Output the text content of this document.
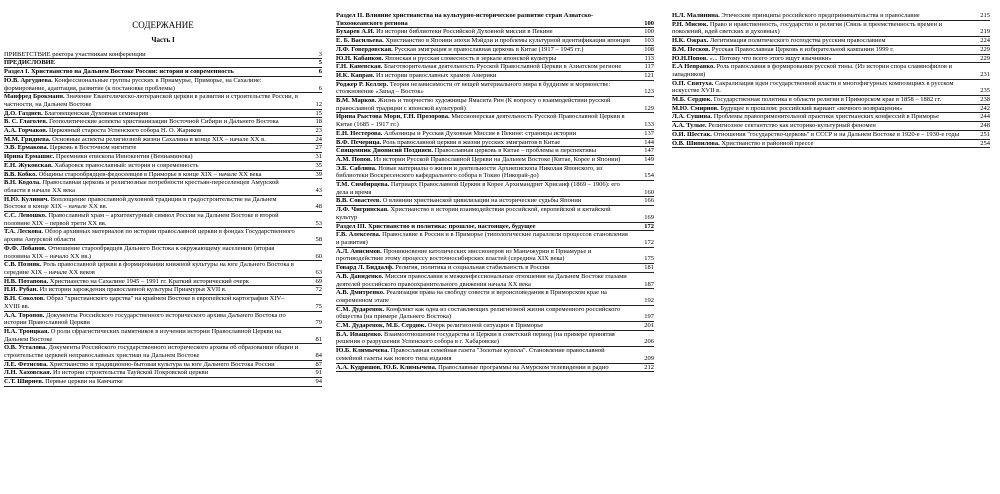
СОДЕРЖАНИЕ
Часть I
ПРИВЕТСТВИЕ ректора участникам конференции	3
ПРЕДИСЛОВИЕ	5
Раздел I. Христианство на Дальнем Востоке России: история и современность	6
Ю.В. Аргудяева. Конфессиональные группы русских в Приамурье, Приморье, на Сахалине: формирование, адаптация, развитие (к постановке проблемы)	6
Манфред Брокманн. Значение Евангелическо-лютеранской церкви в развитии и строительстве России, в частности, на Дальнем Востоке	12
Д.О. Газдиев. Благовещенская Духовная семинария	15
В. С. Глаголев. Геополитические аспекты христианизации Восточной Сибири и Дальнего Востока	18
А.А. Горчаков. Церковный староста Успенского собора Н. О. Жариков	23
М.М. Гриднева. Основные аспекты религиозной жизни Сахалина в конце XIX – начале XX в.	24
Э.В. Ермакова. Церковь в Восточном нигитите	27
Ирина Ермашис. Преемники епископа Иннокентия (Вениаминова)	31
Е.Н. Жуковская. Хабаровск православный: история и современность	35
В.В. Кобко. Общины старообрядцев-федосеевцев в Приморье в конце XIX – начале XX века	39
В.Н. Кодола. Православная церковь и религиозные потребности крестьян-переселенцев Амурской области в начале XX века	43
Н.Ю. Кулинич. Воплощение православной духовной традиции в градостроительстве на Дальнем Востоке в конце XIX – начале XX вв.	48
С.С. Левошко. Православный храм – архитектурный символ России на Дальнем Востоке в второй половине XIX – первой трети XX вв.	53
Т.А. Лескова. Обзор архивных материалов по истории православной церкви в фондах Государственного архива Амурской области	58
Ф.Ф. Лобанов. Отношение старообрядцев Дальнего Востока к окружающему населению (вторая половина XIX – начало XX вв.)	60
С.В. Позняк. Роль православной церкви в формировании книжной культуры на юге Дальнего Востока в середине XIX – начале XX веков	63
Н.В. Потапова. Христианство на Сахалине 1945 – 1991 гг. Краткий исторический очерк	69
Н.И. Рубан. Из истории зарождения православной культуры Приамурья XVII в.	72
В.Н. Соколов. Образ "христианского царства" на крайнем Востоке в европейской картографии XIV–XVIII вв.	75
А.А. Торопов. Документы Российского государственного исторического архива Дальнего Востока по истории Православной Церкви	79
Н.А. Троицкая. О роли сфрагистических памятников в изучении истории Православной Церкви на Дальнем Востоке	81
О.В. Усталова. Документы Российского государственного исторического архива об образовании общин и строительстве церквей неправославных христиан на Дальнем Востоке	84
Л.Е. Фетисова. Христианство и традиционно-бытовая культура на юге Дальнего Востока России	87
Л.Н. Хаховская. Из истории строительства Тауйской Покровской церкви	91
С.Т. Ширнев. Первые церкви на Камчатке	94
Раздел II. Влияние христианства на культурно-историческое развитие стран Азиатско-Тихоокеанского региона	100
Бухарев А.И. Из истории библиотеки Российской Духовной миссии в Пекине	100
Е. Б. Васильева. Христианство в Японии эпохи Мэйдзи и проблемы культурной идентификации японцев 103
Л.Ф. Говердовская. Русская эмиграция и православная церковь в Китае (1917 – 1945 гг.)	108
Ю.Н. Кабанков. Японская и русская словесность в зеркале японской культуры	113
Г.Н. Каневская. Благотворительная деятельность Русской Православной Церкви в Азиатском регионе	117
И.К. Капран. Из истории православных храмов Америки	121
Роджер Р. Келлер. Теория независимости от вещей материального мира в буддизме и мормонстве: столкновение «Запад – Восток»	123
В.М. Марков. Жизнь и творчество художницы Ямасита Рин (К вопросу о взаимодействии русской православной традиции с японской культурой)	129
Ирина Рыстова Мори, Г.Н. Прозорова. Миссионерская деятельность Русской Православной Церкви в Китае (1685 – 1917 гг.)	133
Е.Н. Нестерова. Албазинцы и Русская Духовная Миссия в Пекине: страницы истории	137
В.Ф. Печерица. Роль православной церкви в жизни русских эмигрантов в Китае	144
Священник Дионисий Поздняев. Православная церковь в Китае – проблемы и перспективы	147
А.М. Попов. Из истории Русской Православной Церкви на Дальнем Востоке (Китае, Корее и Японии)	149
Э.Б. Саблина. Новые материалы о жизни и деятельности Архиепископа Николая Японского, из библиотеки Воскресенского кафедрального собора в Токио (Никорай-до)	154
Т.М. Симбирцева. Патриарх Православной Церкви в Корее Архимандрит Хрисанф (1869 – 1906): его дела и время	160
В.В. Совастеев. О влиянии христианской цивилизации на исторические судьбы Японии	166
Л.Ф. Чигринская. Христианство в истории взаимодействия российской, европейской и китайской культур	169
Раздел III. Христианство и политика: прошлое, настоящее, будущее	172
Г.В. Алексеева. Православие в России и в Приморье (типологические параллели процессов становления и развития)	172
А.Л. Анисимов. Проникновение католических миссионеров из Маньчжурии в Приамурье и противодействие этому процессу восточносибирских властей (середина XIX века)	175
Говард Л. Биддалф. Религия, политика и социальная стабильность в России	181
А.В. Давиденко. Миссия православия и межконфессиональные отношения на Дальнем Востоке глазами деятелей российского правоохранительного движения начала XX века	187
А.В. Дмитренко. Реализация права на свободу совести и вероисповедания в Приморском крае на современном этапе	192
С.М. Дударенок. Конфликт как одна из составляющих религиозной жизни современного российского общества (на примере Дальнего Востока)	197
С.М. Дударенок, М.Б. Сердюк. Очерк религиозной ситуации в Приморье	201
В.А. Иващенко. Взаимоотношения государства и Церкви в советский период (на примере принятия решения о разрушении Успенского собора в г. Хабаровске)	206
Ю.Б. Климычева. Православная семейная газета "Золотые купола". Становление православной семейной газеты как нового типа издания	209
А.А. Кудряшов, Ю.Б. Климычева. Православные программы на Амурском телевидении и радио	212
Н.Л. Малинина. Этические принципы российского предпринимательства и православие	215
Р.Н. Мисюк. Право и нравственность, государство и религия (Связь и преемственность времен и поколений, идей светских и духовных)	219
Н.К. Ожрах. Легитимация политического господства русским православием	224
В.М. Песков. Русская Православная Церковь в избирательной кампании 1999 г.	229
Ю.Н.Попов. «... Потому что всего этого ищут язычники»	229
Е.А Неправко. Роль православия в формировании русской тины. (Из истории спора славянофилов и западников)	231
О.П. Свитуха. Сакрализация идеи государственной власти в многофигурных композициях в русском искусстве XVII в.	235
М.Б. Сердюк. Государственная политика в области религии в Приморском крае в 1858 – 1882 гг.	238
М.Ю. Смирнов. Будущее в прошлом: российский вариант «вечного возвращения»	242
Л.А. Сушина. Проблемы правоприменительной практики христианских конфессий в Приморье	244
А.А. Тулые. Религиозное сектантство как историко-культурный феномен	248
О.И. Шестак. Отношения "государство-церковь" в СССР и на Дальнем Востоке в 1920-е – 1930-е годы	251
О.В. Шипилова. Христианство в районной прессе	254
